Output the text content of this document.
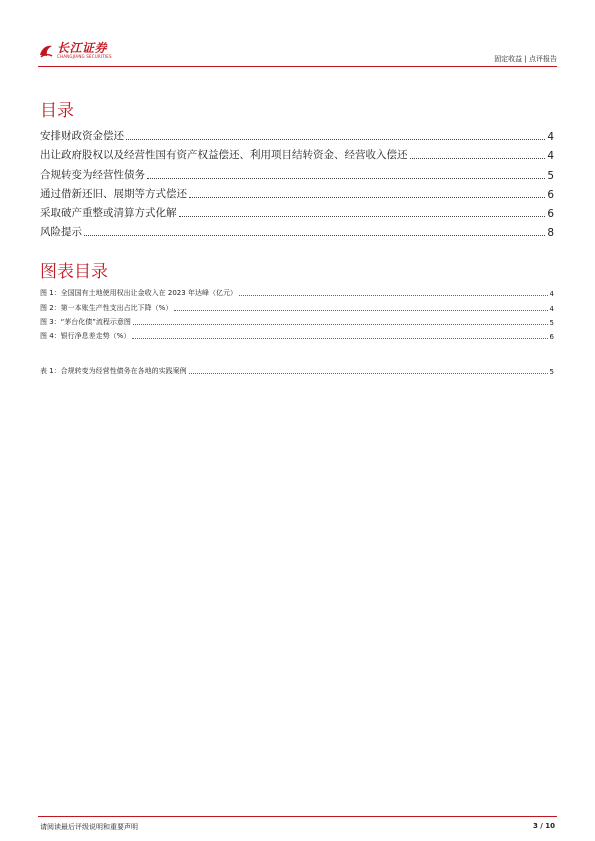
长江证券
CHANGJIANG SECURITIES	固定收益 | 点评报告
目录
安排财政资金偿还	4
出让政府股权以及经营性国有资产权益偿还、利用项目结转资金、经营收入偿还	4
合规转变为经营性债务	5
通过借新还旧、展期等方式偿还	6
采取破产重整或清算方式化解	6
风险提示	8
图表目录
图 1：全国国有土地使用权出让金收入在 2023 年达峰（亿元）	4
图 2：第一本账生产性支出占比下降（%）	4
图 3：“茅台化债”流程示意图	5
图 4：银行净息差走势（%）	6
表 1：合规转变为经营性债务在各地的实践案例	5
请阅读最后评级说明和重要声明	3 / 10
